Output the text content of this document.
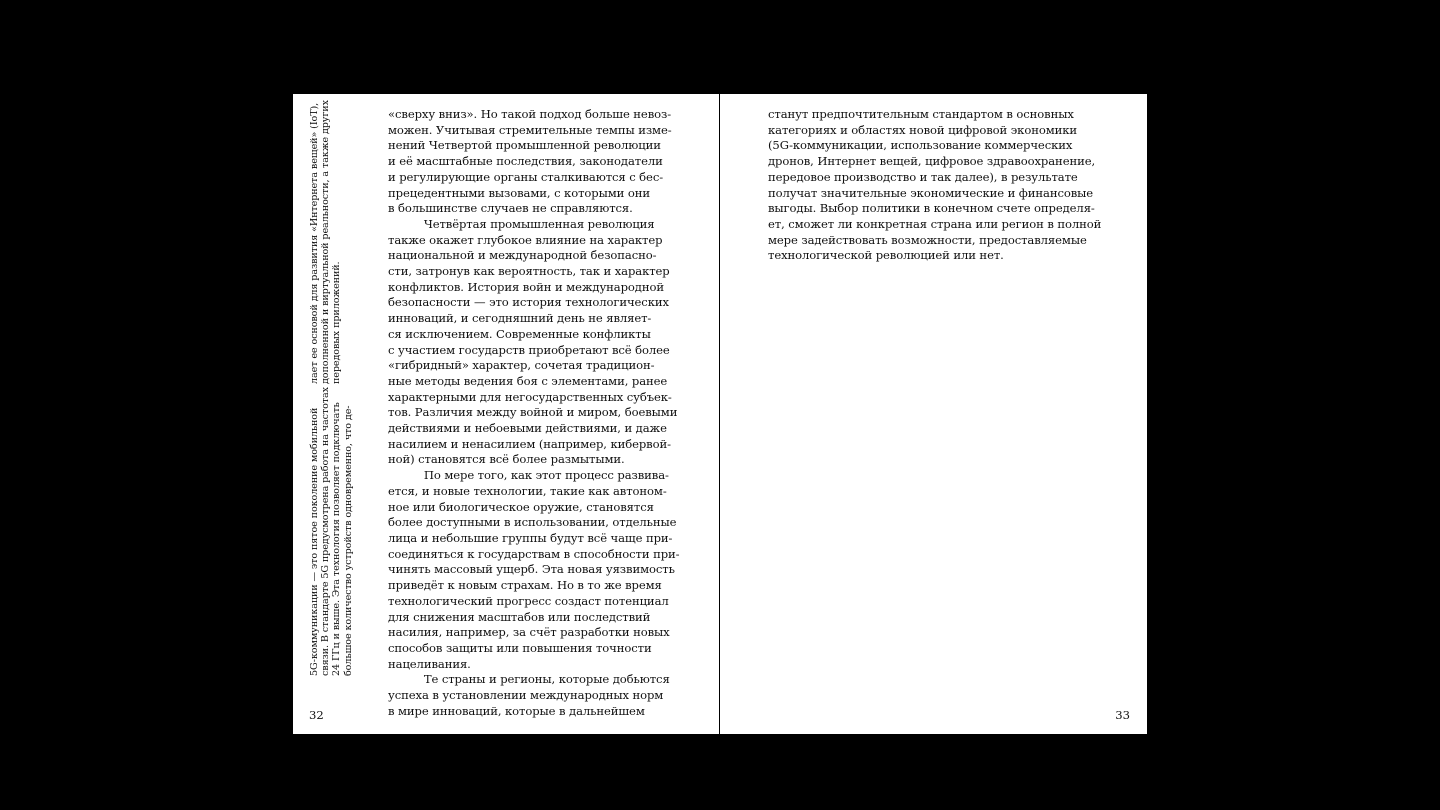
5G-коммуникации — это пятое поколение мобильной
связи. В стандарте 5G предусмотрена работа на частотах
24 ГГц и выше. Эта технология позволяет подключать
большое количество устройств одновременно, что де-
лает ее основой для развития «Интернета вещей» (IoT),
дополненной и виртуальной реальности, а также других
передовых приложений.
«сверху вниз». Но такой подход больше невоз-
можен. Учитывая стремительные темпы изме-
нений Четвертой промышленной революции
и её масштабные последствия, законодатели
и регулирующие органы сталкиваются с бес-
прецедентными вызовами, с которыми они
в большинстве случаев не справляются.
Четвёртая промышленная революция
также окажет глубокое влияние на характер
национальной и международной безопасно-
сти, затронув как вероятность, так и характер
конфликтов. История войн и международной
безопасности — это история технологических
инноваций, и сегодняшний день не являет-
ся исключением. Современные конфликты
с участием государств приобретают всё более
«гибридный» характер, сочетая традицион-
ные методы ведения боя с элементами, ранее
характерными для негосударственных субъек-
тов. Различия между войной и миром, боевыми
действиями и небоевыми действиями, и даже
насилием и ненасилием (например, кибервой-
ной) становятся всё более размытыми.
По мере того, как этот процесс развива-
ется, и новые технологии, такие как автоном-
ное или биологическое оружие, становятся
более доступными в использовании, отдельные
лица и небольшие группы будут всё чаще при-
соединяться к государствам в способности при-
чинять массовый ущерб. Эта новая уязвимость
приведёт к новым страхам. Но в то же время
технологический прогресс создаст потенциал
для снижения масштабов или последствий
насилия, например, за счёт разработки новых
способов защиты или повышения точности
нацеливания.
Те страны и регионы, которые добьются
успеха в установлении международных норм
в мире инноваций, которые в дальнейшем
32
станут предпочтительным стандартом в основных
категориях и областях новой цифровой экономики
(5G-коммуникации, использование коммерческих
дронов, Интернет вещей, цифровое здравоохранение,
передовое производство и так далее), в результате
получат значительные экономические и финансовые
выгоды. Выбор политики в конечном счете определя-
ет, сможет ли конкретная страна или регион в полной
мере задействовать возможности, предоставляемые
технологической революцией или нет.
33
